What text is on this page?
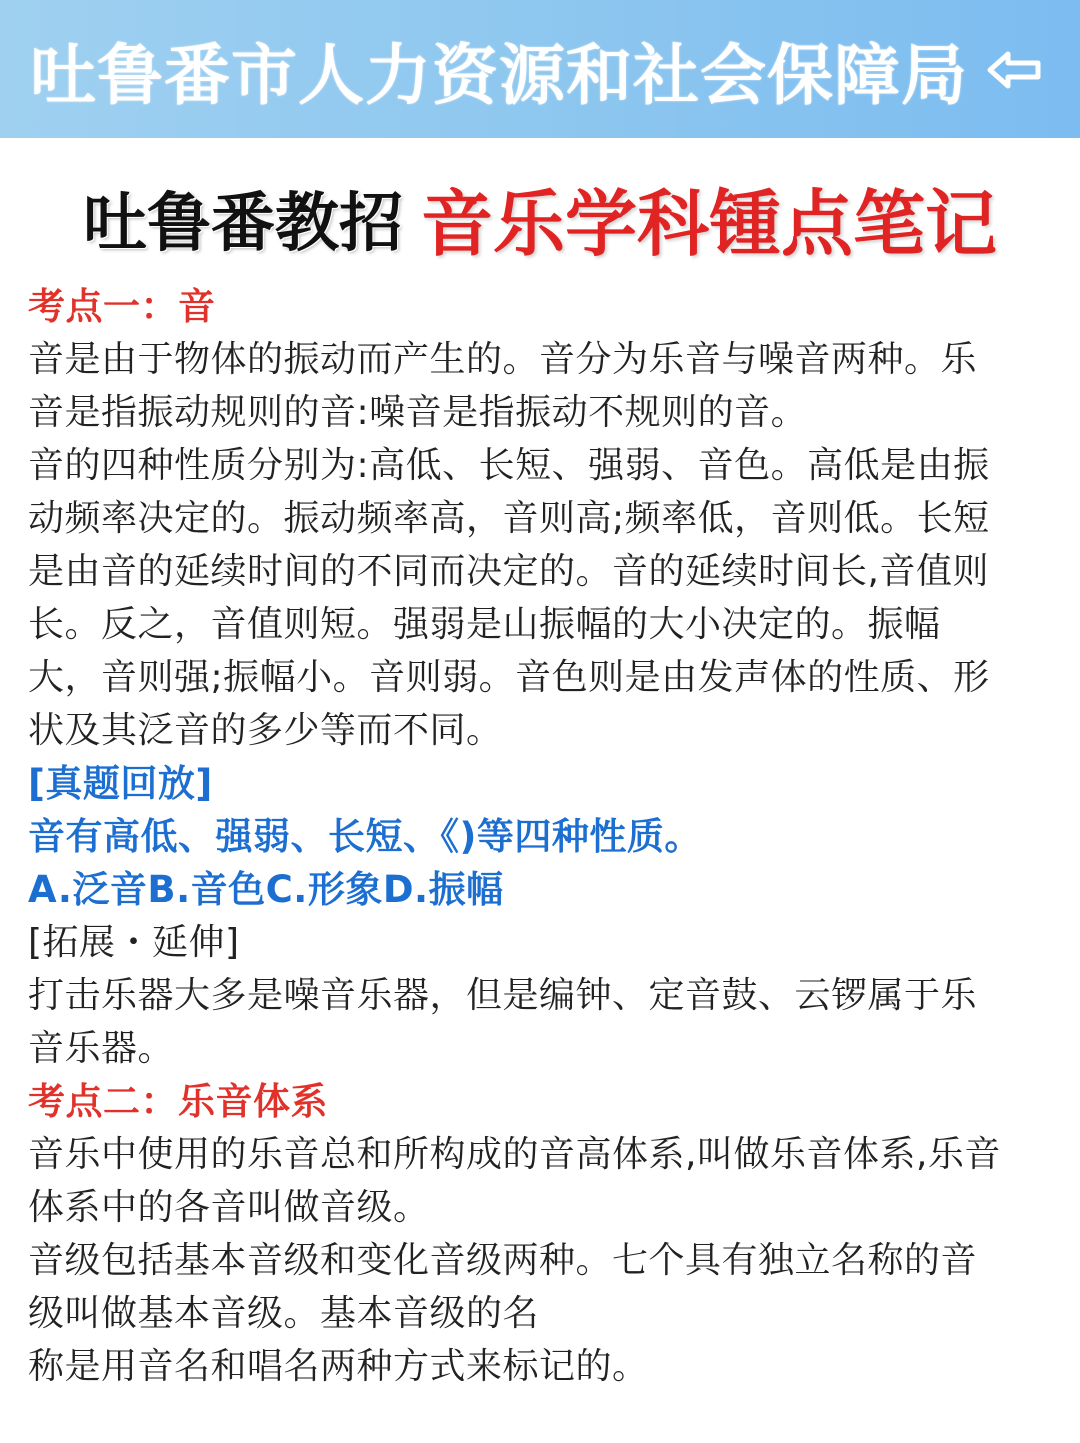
吐鲁番市人力资源和社会保障局
吐鲁番教招 音乐学科锺点笔记
考点一：音
音是由于物体的振动而产生的。音分为乐音与噪音两种。乐
音是指振动规则的音:噪音是指振动不规则的音。
音的四种性质分别为:高低、长短、强弱、音色。高低是由振
动频率决定的。振动频率高，音则高;频率低，音则低。长短
是由音的延续时间的不同而决定的。音的延续时间长,音值则
长。反之，音值则短。强弱是山振幅的大小决定的。振幅
大，音则强;振幅小。音则弱。音色则是由发声体的性质、形
状及其泛音的多少等而不同。
[真题回放]
音有高低、强弱、长短、《)等四种性质。
A.泛音B.音色C.形象D.振幅
[拓展・延伸]
打击乐器大多是噪音乐器，但是编钟、定音鼓、云锣属于乐
音乐器。
考点二：乐音体系
音乐中使用的乐音总和所构成的音高体系,叫做乐音体系,乐音
体系中的各音叫做音级。
音级包括基本音级和变化音级两种。七个具有独立名称的音
级叫做基本音级。基本音级的名
称是用音名和唱名两种方式来标记的。
